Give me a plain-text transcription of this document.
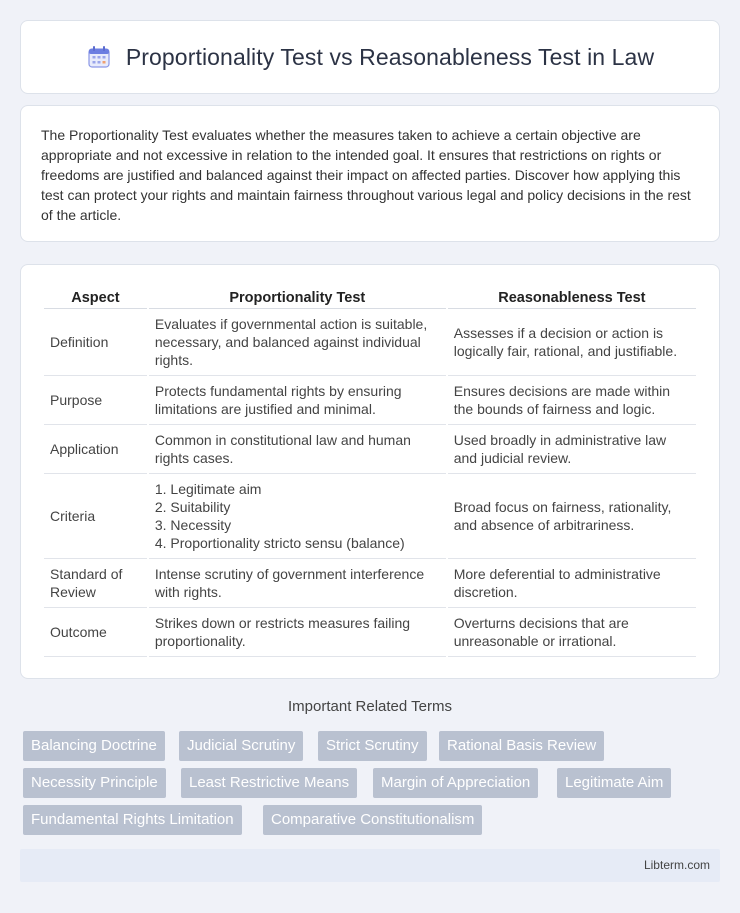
Proportionality Test vs Reasonableness Test in Law

The Proportionality Test evaluates whether the measures taken to achieve a certain objective are appropriate and not excessive in relation to the intended goal. It ensures that restrictions on rights or freedoms are justified and balanced against their impact on affected parties. Discover how applying this test can protect your rights and maintain fairness throughout various legal and policy decisions in the rest of the article.

Aspect	Proportionality Test	Reasonableness Test
Definition	Evaluates if governmental action is suitable, necessary, and balanced against individual rights.	Assesses if a decision or action is logically fair, rational, and justifiable.
Purpose	Protects fundamental rights by ensuring limitations are justified and minimal.	Ensures decisions are made within the bounds of fairness and logic.
Application	Common in constitutional law and human rights cases.	Used broadly in administrative law and judicial review.
Criteria	1. Legitimate aim
2. Suitability
3. Necessity
4. Proportionality stricto sensu (balance)	Broad focus on fairness, rationality, and absence of arbitrariness.
Standard of Review	Intense scrutiny of government interference with rights.	More deferential to administrative discretion.
Outcome	Strikes down or restricts measures failing proportionality.	Overturns decisions that are unreasonable or irrational.
Important Related Terms
Balancing Doctrine	Judicial Scrutiny	Strict Scrutiny	Rational Basis Review
Necessity Principle	Least Restrictive Means	Margin of Appreciation	Legitimate Aim
Fundamental Rights Limitation	Comparative Constitutionalism
Libterm.com
